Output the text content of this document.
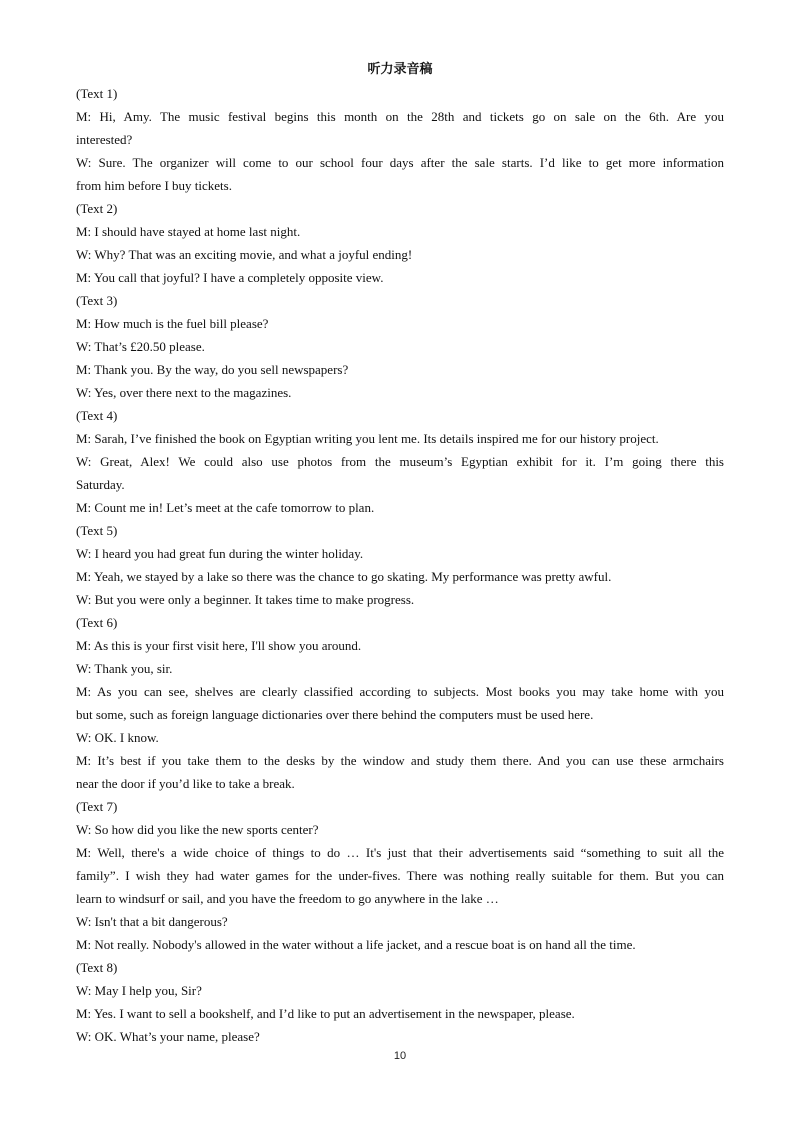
听力录音稿

(Text 1)

M: Hi, Amy. The music festival begins this month on the 28th and tickets go on sale on the 6th. Are you

interested?

W: Sure. The organizer will come to our school four days after the sale starts. I’d like to get more information

from him before I buy tickets.

(Text 2)

M: I should have stayed at home last night.

W: Why? That was an exciting movie, and what a joyful ending!

M: You call that joyful? I have a completely opposite view.

(Text 3)

M: How much is the fuel bill please?

W: That’s £20.50 please.

M: Thank you. By the way, do you sell newspapers?

W: Yes, over there next to the magazines.

(Text 4)

M: Sarah, I’ve finished the book on Egyptian writing you lent me. Its details inspired me for our history project.

W: Great, Alex! We could also use photos from the museum’s Egyptian exhibit for it. I’m going there this

Saturday.

M: Count me in! Let’s meet at the cafe tomorrow to plan.

(Text 5)

W: I heard you had great fun during the winter holiday.

M: Yeah, we stayed by a lake so there was the chance to go skating. My performance was pretty awful.

W: But you were only a beginner. It takes time to make progress.

(Text 6)

M: As this is your first visit here, I'll show you around.

W: Thank you, sir.

M: As you can see, shelves are clearly classified according to subjects. Most books you may take home with you

but some, such as foreign language dictionaries over there behind the computers must be used here.

W: OK. I know.

M: It’s best if you take them to the desks by the window and study them there. And you can use these armchairs

near the door if you’d like to take a break.

(Text 7)

W: So how did you like the new sports center?

M: Well, there's a wide choice of things to do … It's just that their advertisements said “something to suit all the

family”. I wish they had water games for the under-fives. There was nothing really suitable for them. But you can

learn to windsurf or sail, and you have the freedom to go anywhere in the lake …

W: Isn't that a bit dangerous?

M: Not really. Nobody's allowed in the water without a life jacket, and a rescue boat is on hand all the time.

(Text 8)

W: May I help you, Sir?

M: Yes. I want to sell a bookshelf, and I’d like to put an advertisement in the newspaper, please.

W: OK. What’s your name, please?

10
